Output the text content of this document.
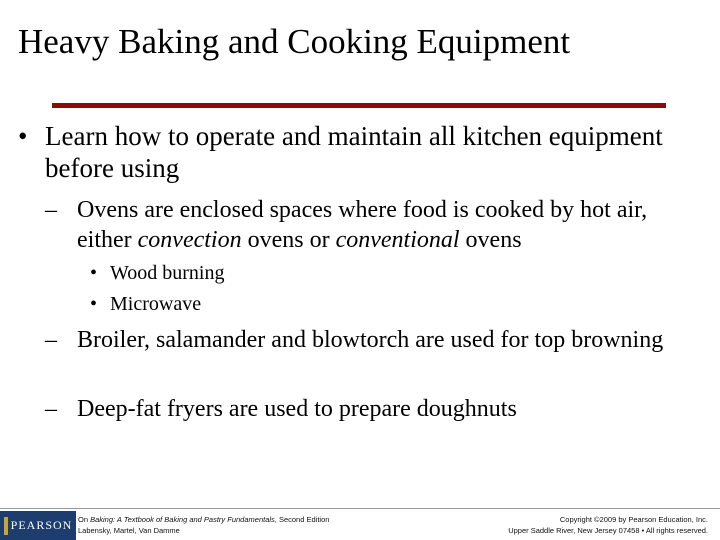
Heavy Baking and Cooking Equipment
• Learn how to operate and maintain all kitchen equipment before using
– Ovens are enclosed spaces where food is cooked by hot air, either convection ovens or conventional ovens
• Wood burning
• Microwave
– Broiler, salamander and blowtorch are used for top browning
– Deep-fat fryers are used to prepare doughnuts
PEARSON On Baking: A Textbook of Baking and Pastry Fundamentals, Second Edition
Labensky, Martel, Van Damme
Copyright ©2009 by Pearson Education, Inc.
Upper Saddle River, New Jersey 07458 • All rights reserved.
